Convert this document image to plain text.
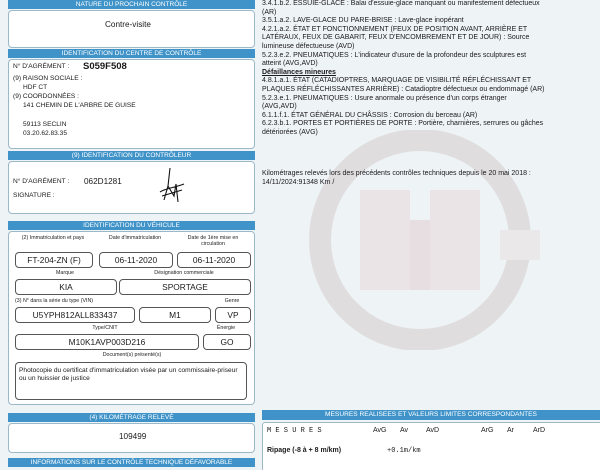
NATURE DU PROCHAIN CONTRÔLE
Contre-visite
IDENTIFICATION DU CENTRE DE CONTRÔLE
N° D'AGRÉMENT : S059F508
(9) RAISON SOCIALE :
HDF CT
(9) COORDONNÉES :
141 CHEMIN DE L'ARBRE DE GUISE
59113 SECLIN
03.20.62.83.35
(9) IDENTIFICATION DU CONTRÔLEUR
N° D'AGRÉMENT : 062D1281
SIGNATURE :
IDENTIFICATION DU VÉHICULE
(2) Immatriculation et pays	Date d'immatriculation	Date de 1ère mise en circulation
FT-204-ZN (F)	06-11-2020	06-11-2020
Marque	Désignation commerciale
KIA	SPORTAGE
(3) N° dans la série du type (VIN)	Genre
U5YPH812ALL833437	M1	VP
Type/CNIT	Énergie
M10K1AVP003D216	GO
Document(s) présenté(s)
Photocopie du certificat d'immatriculation visée par un commissaire-priseur ou un huissier de justice
(4) KILOMÉTRAGE RELEVÉ
109499
INFORMATIONS SUR LE CONTRÔLE TECHNIQUE DÉFAVORABLE
3.4.1.b.2. ESSUIE-GLACE : Balai d'essuie-glace manquant ou manifestement défectueux
(AR)
3.5.1.a.2. LAVE-GLACE DU PARE-BRISE : Lave-glace inopérant
4.2.1.a.2. ÉTAT ET FONCTIONNEMENT (FEUX DE POSITION AVANT, ARRIÈRE ET
LATÉRAUX, FEUX DE GABARIT, FEUX D'ENCOMBREMENT ET DE JOUR) : Source
lumineuse défectueuse (AVD)
5.2.3.e.2. PNEUMATIQUES : L'indicateur d'usure de la profondeur des sculptures est
atteint (AVG,AVD)
Défaillances mineures
4.8.1.a.1. ÉTAT (CATADIOPTRES, MARQUAGE DE VISIBILITÉ RÉFLÉCHISSANT ET
PLAQUES RÉFLÉCHISSANTES ARRIÈRE) : Catadioptre défectueux ou endommagé (AR)
5.2.3.e.1. PNEUMATIQUES : Usure anormale ou présence d'un corps étranger
(AVG,AVD)
6.1.1.f.1. ÉTAT GÉNÉRAL DU CHÂSSIS : Corrosion du berceau (AR)
6.2.3.b.1. PORTES ET PORTIÈRES DE PORTE : Portière, charnières, serrures ou gâches
détériorées (AVG)
Kilométrages relevés lors des précédents contrôles techniques depuis le 20 mai 2018 :
14/11/2024:91348 Km /
MESURES REALISEES ET VALEURS LIMITES CORRESPONDANTES
M E S U R E S	AvG Av	AvD	ArG Ar	ArD
Ripage (-8 à + 8 m/km)	+0.1m/km
